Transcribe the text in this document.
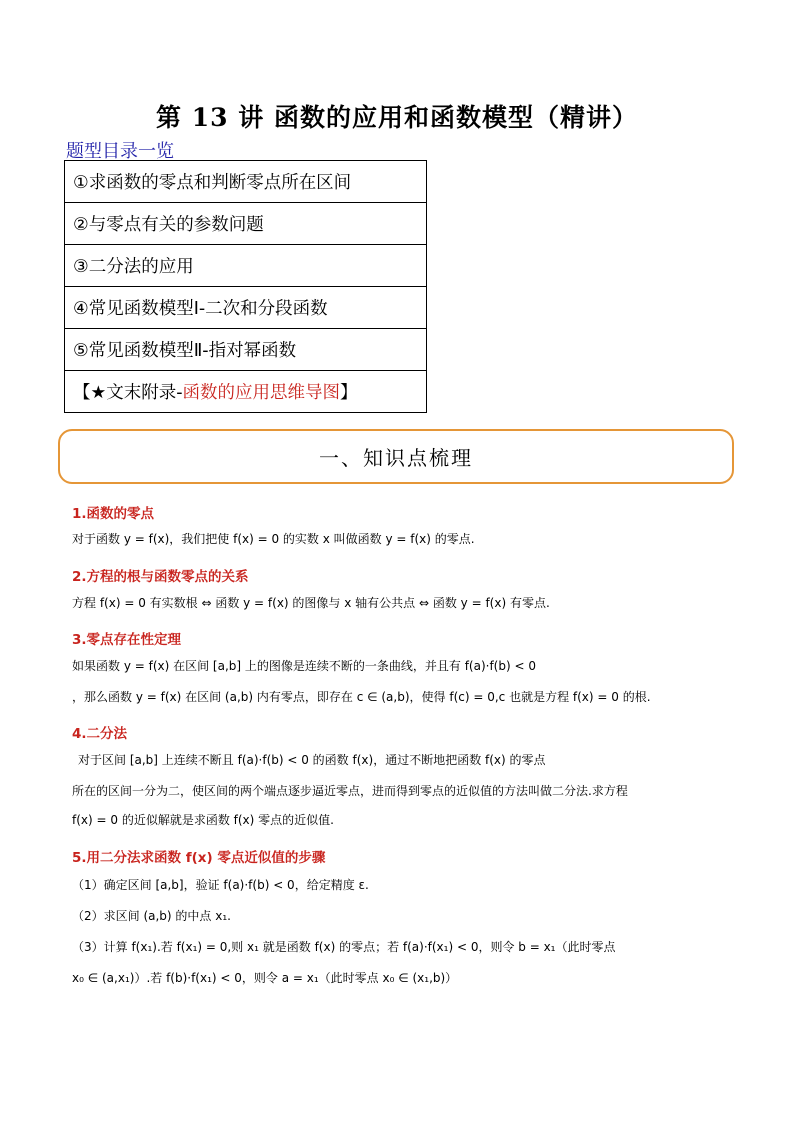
第 13 讲 函数的应用和函数模型（精讲）
题型目录一览
①求函数的零点和判断零点所在区间
②与零点有关的参数问题
③二分法的应用
④常见函数模型Ⅰ-二次和分段函数
⑤常见函数模型Ⅱ-指对幂函数
【★文末附录-函数的应用思维导图】
一、知识点梳理
1.函数的零点
对于函数 y = f(x)，我们把使 f(x) = 0 的实数 x 叫做函数 y = f(x) 的零点.
2.方程的根与函数零点的关系
方程 f(x) = 0 有实数根 ⇔ 函数 y = f(x) 的图像与 x 轴有公共点 ⇔ 函数 y = f(x) 有零点.
3.零点存在性定理
如果函数 y = f(x) 在区间 [a,b] 上的图像是连续不断的一条曲线，并且有 f(a)·f(b) < 0
，那么函数 y = f(x) 在区间 (a,b) 内有零点，即存在 c ∈ (a,b)，使得 f(c) = 0,c 也就是方程 f(x) = 0 的根.
4.二分法
对于区间 [a,b] 上连续不断且 f(a)·f(b) < 0 的函数 f(x)，通过不断地把函数 f(x) 的零点
所在的区间一分为二，使区间的两个端点逐步逼近零点，进而得到零点的近似值的方法叫做二分法.求方程
f(x) = 0 的近似解就是求函数 f(x) 零点的近似值.
5.用二分法求函数 f(x) 零点近似值的步骤
（1）确定区间 [a,b]，验证 f(a)·f(b) < 0，给定精度 ε.
（2）求区间 (a,b) 的中点 x₁.
（3）计算 f(x₁).若 f(x₁) = 0,则 x₁ 就是函数 f(x) 的零点；若 f(a)·f(x₁) < 0，则令 b = x₁（此时零点
x₀ ∈ (a,x₁)）.若 f(b)·f(x₁) < 0，则令 a = x₁（此时零点 x₀ ∈ (x₁,b)）
